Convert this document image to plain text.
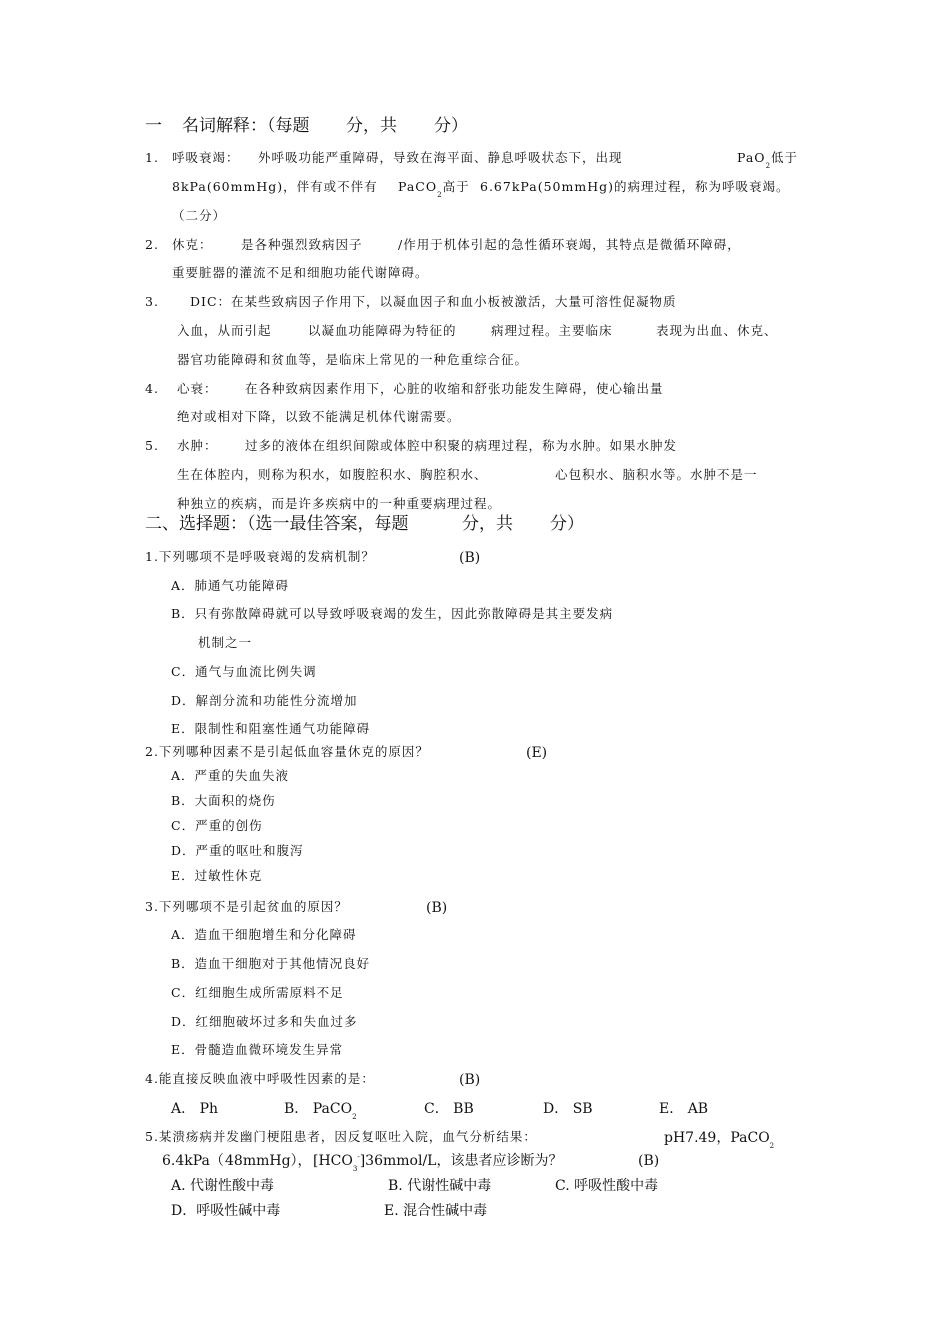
一 名词解释：（每题 分，共 分）
1. 呼吸衰竭： 外呼吸功能严重障碍，导致在海平面、静息呼吸状态下，出现	PaO$_2$低于
8kPa(60mmHg)，伴有或不伴有 PaCO$_2$高于 6.67kPa(50mmHg)的病理过程，称为呼吸衰竭。
（二分）
2. 休克： 是各种强烈致病因子	/作用于机体引起的急性循环衰竭，其特点是微循环障碍，
重要脏器的灌流不足和细胞功能代谢障碍。
3. DIC：在某些致病因子作用下，以凝血因子和血小板被激活，大量可溶性促凝物质
入血，从而引起	以凝血功能障碍为特征的	病理过程。主要临床	表现为出血、休克、
器官功能障碍和贫血等，是临床上常见的一种危重综合征。
4. 心衰： 在各种致病因素作用下，心脏的收缩和舒张功能发生障碍，使心输出量
绝对或相对下降，以致不能满足机体代谢需要。
5. 水肿： 过多的液体在组织间隙或体腔中积聚的病理过程，称为水肿。如果水肿发
生在体腔内，则称为积水，如腹腔积水、胸腔积水、	心包积水、脑积水等。水肿不是一
种独立的疾病，而是许多疾病中的一种重要病理过程。
二、选择题：（选一最佳答案，每题	分，共 分）
1.下列哪项不是呼吸衰竭的发病机制？	(B)
A．肺通气功能障碍
B．只有弥散障碍就可以导致呼吸衰竭的发生，因此弥散障碍是其主要发病
机制之一
C．通气与血流比例失调
D．解剖分流和功能性分流增加
E．限制性和阻塞性通气功能障碍
2.下列哪种因素不是引起低血容量休克的原因？	(E)
A．严重的失血失液
B．大面积的烧伤
C．严重的创伤
D．严重的呕吐和腹泻
E．过敏性休克
3.下列哪项不是引起贫血的原因？	(B)
A．造血干细胞增生和分化障碍
B．造血干细胞对于其他情况良好
C．红细胞生成所需原料不足
D．红细胞破坏过多和失血过多
E．骨髓造血微环境发生异常
4.能直接反映血液中呼吸性因素的是：	(B)
A． Ph	B． PaCO$_2$	C． BB	D． SB	E． AB
5.某溃疡病并发幽门梗阻患者，因反复呕吐入院，血气分析结果：	pH7.49，PaCO$_2$
6.4kPa（ 48mmHg）， $[HCO_3^-]36mmol/L$，该患者应诊断为？	(B)
A. 代谢性酸中毒	B. 代谢性碱中毒	C. 呼吸性酸中毒
D．呼吸性碱中毒	E. 混合性碱中毒
